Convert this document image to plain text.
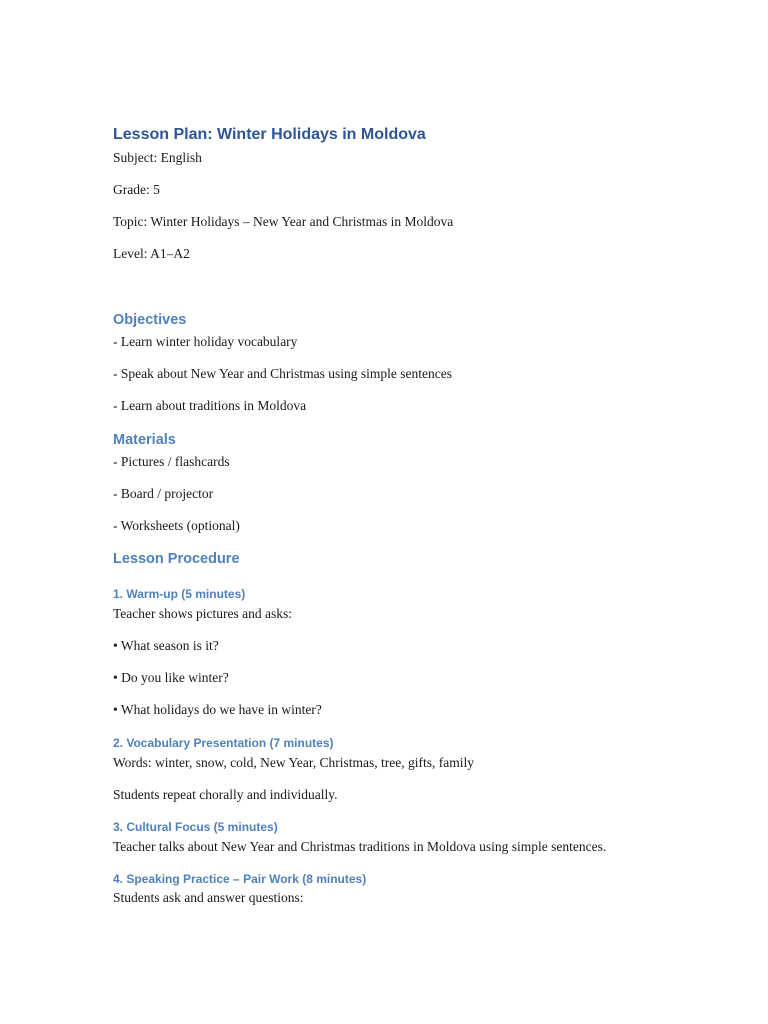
Lesson Plan: Winter Holidays in Moldova
Subject: English
Grade: 5
Topic: Winter Holidays – New Year and Christmas in Moldova
Level: A1–A2
Objectives
- Learn winter holiday vocabulary
- Speak about New Year and Christmas using simple sentences
- Learn about traditions in Moldova
Materials
- Pictures / flashcards
- Board / projector
- Worksheets (optional)
Lesson Procedure
1. Warm-up (5 minutes)
Teacher shows pictures and asks:
• What season is it?
• Do you like winter?
• What holidays do we have in winter?
2. Vocabulary Presentation (7 minutes)
Words: winter, snow, cold, New Year, Christmas, tree, gifts, family
Students repeat chorally and individually.
3. Cultural Focus (5 minutes)
Teacher talks about New Year and Christmas traditions in Moldova using simple sentences.
4. Speaking Practice – Pair Work (8 minutes)
Students ask and answer questions:
